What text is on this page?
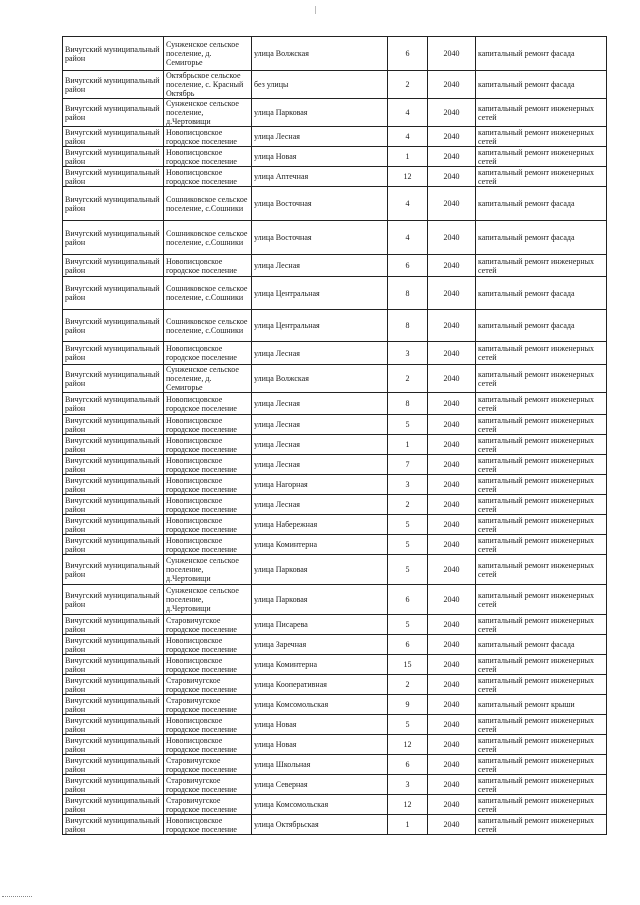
Вичугский муниципальный район	Сунженское сельское поселение, д. Семигорье	улица Волжская	6	2040	капитальный ремонт фасада
Вичугский муниципальный район	Октябрьское сельское поселение, с. Красный Октябрь	без улицы	2	2040	капитальный ремонт фасада
Вичугский муниципальный район	Сунженское сельское поселение, д.Чертовищи	улица Парковая	4	2040	капитальный ремонт инженерных сетей
Вичугский муниципальный район	Новописцовское городское поселение	улица Лесная	4	2040	капитальный ремонт инженерных сетей
Вичугский муниципальный район	Новописцовское городское поселение	улица Новая	1	2040	капитальный ремонт инженерных сетей
Вичугский муниципальный район	Новописцовское городское поселение	улица Аптечная	12	2040	капитальный ремонт инженерных сетей
Вичугский муниципальный район	Сошниковское сельское поселение, с.Сошники	улица Восточная	4	2040	капитальный ремонт фасада
Вичугский муниципальный район	Сошниковское сельское поселение, с.Сошники	улица Восточная	4	2040	капитальный ремонт фасада
Вичугский муниципальный район	Новописцовское городское поселение	улица Лесная	6	2040	капитальный ремонт инженерных сетей
Вичугский муниципальный район	Сошниковское сельское поселение, с.Сошники	улица Центральная	8	2040	капитальный ремонт фасада
Вичугский муниципальный район	Сошниковское сельское поселение, с.Сошники	улица Центральная	8	2040	капитальный ремонт фасада
Вичугский муниципальный район	Новописцовское городское поселение	улица Лесная	3	2040	капитальный ремонт инженерных сетей
Вичугский муниципальный район	Сунженское сельское поселение, д. Семигорье	улица Волжская	2	2040	капитальный ремонт инженерных сетей
Вичугский муниципальный район	Новописцовское городское поселение	улица Лесная	8	2040	капитальный ремонт инженерных сетей
Вичугский муниципальный район	Новописцовское городское поселение	улица Лесная	5	2040	капитальный ремонт инженерных сетей
Вичугский муниципальный район	Новописцовское городское поселение	улица Лесная	1	2040	капитальный ремонт инженерных сетей
Вичугский муниципальный район	Новописцовское городское поселение	улица Лесная	7	2040	капитальный ремонт инженерных сетей
Вичугский муниципальный район	Новописцовское городское поселение	улица Нагорная	3	2040	капитальный ремонт инженерных сетей
Вичугский муниципальный район	Новописцовское городское поселение	улица Лесная	2	2040	капитальный ремонт инженерных сетей
Вичугский муниципальный район	Новописцовское городское поселение	улица Набережная	5	2040	капитальный ремонт инженерных сетей
Вичугский муниципальный район	Новописцовское городское поселение	улица Коминтерна	5	2040	капитальный ремонт инженерных сетей
Вичугский муниципальный район	Сунженское сельское поселение, д.Чертовищи	улица Парковая	5	2040	капитальный ремонт инженерных сетей
Вичугский муниципальный район	Сунженское сельское поселение, д.Чертовищи	улица Парковая	6	2040	капитальный ремонт инженерных сетей
Вичугский муниципальный район	Старовичугское городское поселение	улица Писарева	5	2040	капитальный ремонт инженерных сетей
Вичугский муниципальный район	Новописцовское городское поселение	улица Заречная	6	2040	капитальный ремонт фасада
Вичугский муниципальный район	Новописцовское городское поселение	улица Коминтерна	15	2040	капитальный ремонт инженерных сетей
Вичугский муниципальный район	Старовичугское городское поселение	улица Кооперативная	2	2040	капитальный ремонт инженерных сетей
Вичугский муниципальный район	Старовичугское городское поселение	улица Комсомольская	9	2040	капитальный ремонт крыши
Вичугский муниципальный район	Новописцовское городское поселение	улица Новая	5	2040	капитальный ремонт инженерных сетей
Вичугский муниципальный район	Новописцовское городское поселение	улица Новая	12	2040	капитальный ремонт инженерных сетей
Вичугский муниципальный район	Старовичугское городское поселение	улица Школьная	6	2040	капитальный ремонт инженерных сетей
Вичугский муниципальный район	Старовичугское городское поселение	улица Северная	3	2040	капитальный ремонт инженерных сетей
Вичугский муниципальный район	Старовичугское городское поселение	улица Комсомольская	12	2040	капитальный ремонт инженерных сетей
Вичугский муниципальный район	Новописцовское городское поселение	улица Октябрьская	1	2040	капитальный ремонт инженерных сетей
